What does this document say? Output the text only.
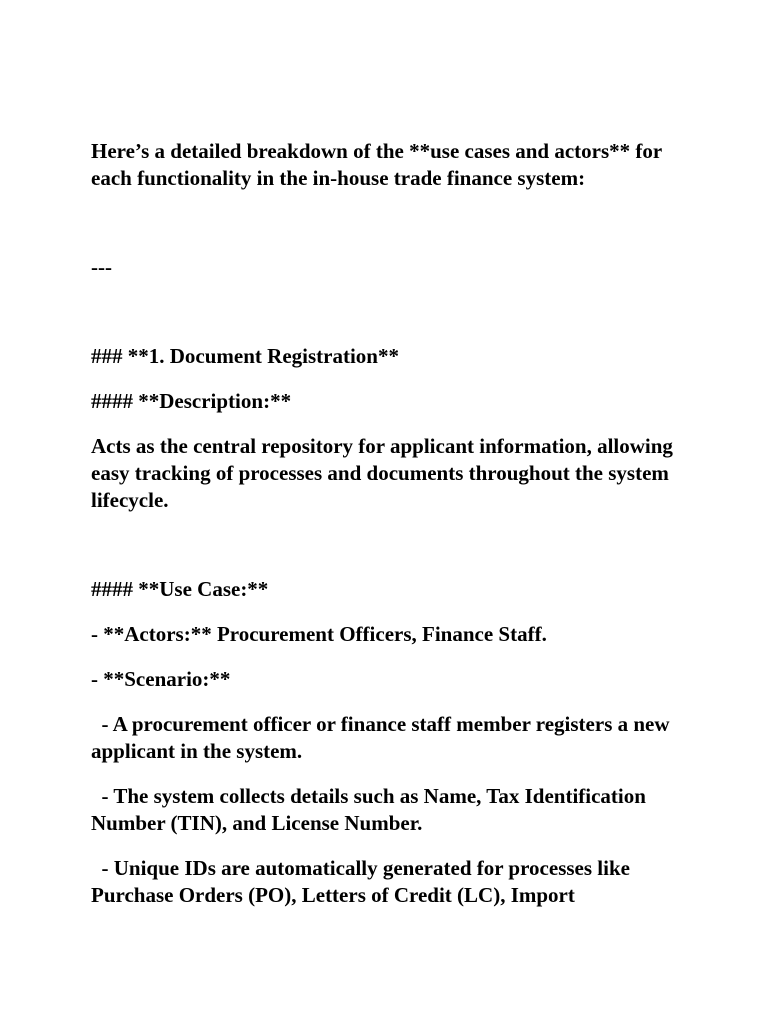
Here’s a detailed breakdown of the **use cases and actors** for each functionality in the in-house trade finance system:

---

### **1. Document Registration**

#### **Description:**

Acts as the central repository for applicant information, allowing easy tracking of processes and documents throughout the system lifecycle.

#### **Use Case:**

- **Actors:** Procurement Officers, Finance Staff.

- **Scenario:**

- A procurement officer or finance staff member registers a new applicant in the system.

- The system collects details such as Name, Tax Identification Number (TIN), and License Number.

- Unique IDs are automatically generated for processes like Purchase Orders (PO), Letters of Credit (LC), Import
